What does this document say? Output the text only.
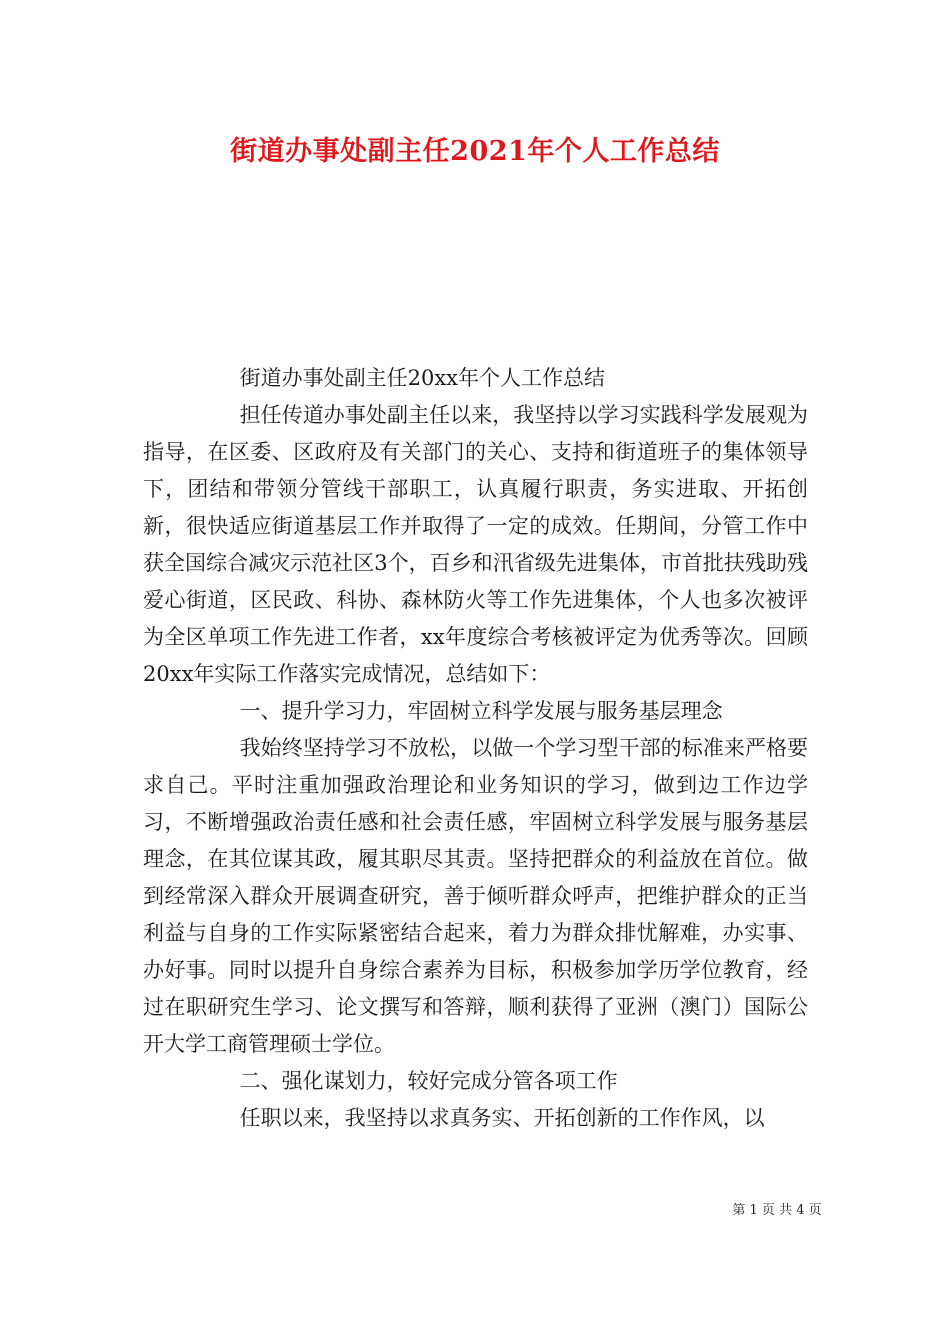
街道办事处副主任2021年个人工作总结

街道办事处副主任20xx年个人工作总结

担任传道办事处副主任以来，我坚持以学习实践科学发展观为指导，在区委、区政府及有关部门的关心、支持和街道班子的集体领导下，团结和带领分管线干部职工，认真履行职责，务实进取、开拓创新，很快适应街道基层工作并取得了一定的成效。任期间，分管工作中获全国综合减灾示范社区3个，百乡和汛省级先进集体，市首批扶残助残爱心街道，区民政、科协、森林防火等工作先进集体，个人也多次被评为全区单项工作先进工作者，xx年度综合考核被评定为优秀等次。回顾20xx年实际工作落实完成情况，总结如下：

一、提升学习力，牢固树立科学发展与服务基层理念

我始终坚持学习不放松，以做一个学习型干部的标准来严格要求自己。平时注重加强政治理论和业务知识的学习，做到边工作边学习，不断增强政治责任感和社会责任感，牢固树立科学发展与服务基层理念，在其位谋其政，履其职尽其责。坚持把群众的利益放在首位。做到经常深入群众开展调查研究，善于倾听群众呼声，把维护群众的正当利益与自身的工作实际紧密结合起来，着力为群众排忧解难，办实事、办好事。同时以提升自身综合素养为目标，积极参加学历学位教育，经过在职研究生学习、论文撰写和答辩，顺利获得了亚洲（澳门）国际公开大学工商管理硕士学位。

二、强化谋划力，较好完成分管各项工作

任职以来，我坚持以求真务实、开拓创新的工作作风，以

第 1 页 共 4 页
